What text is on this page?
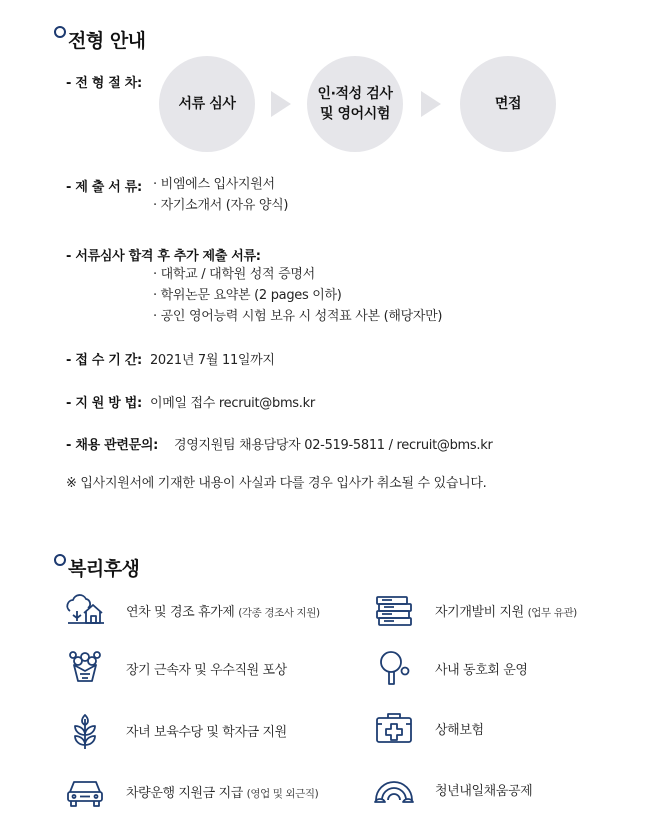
전형 안내
- 전 형 절 차:
서류 심사
인·적성 검사
및 영어시험
면접
- 제 출 서 류: · 비엠에스 입사지원서
· 자기소개서 (자유 양식)
- 서류심사 합격 후 추가 제출 서류:
· 대학교 / 대학원 성적 증명서
· 학위논문 요약본 (2 pages 이하)
· 공인 영어능력 시험 보유 시 성적표 사본 (해당자만)
- 접 수 기 간: 2021년 7월 11일까지
- 지 원 방 법: 이메일 접수 recruit@bms.kr
- 채용 관련문의: 경영지원팀 채용담당자 02-519-5811 / recruit@bms.kr
※ 입사지원서에 기재한 내용이 사실과 다를 경우 입사가 취소될 수 있습니다.
복리후생
연차 및 경조 휴가제 (각종 경조사 지원)	자기개발비 지원 (업무 유관)
장기 근속자 및 우수직원 포상	사내 동호회 운영
자녀 보육수당 및 학자금 지원	상해보험
차량운행 지원금 지급 (영업 및 외근직)	청년내일채움공제
